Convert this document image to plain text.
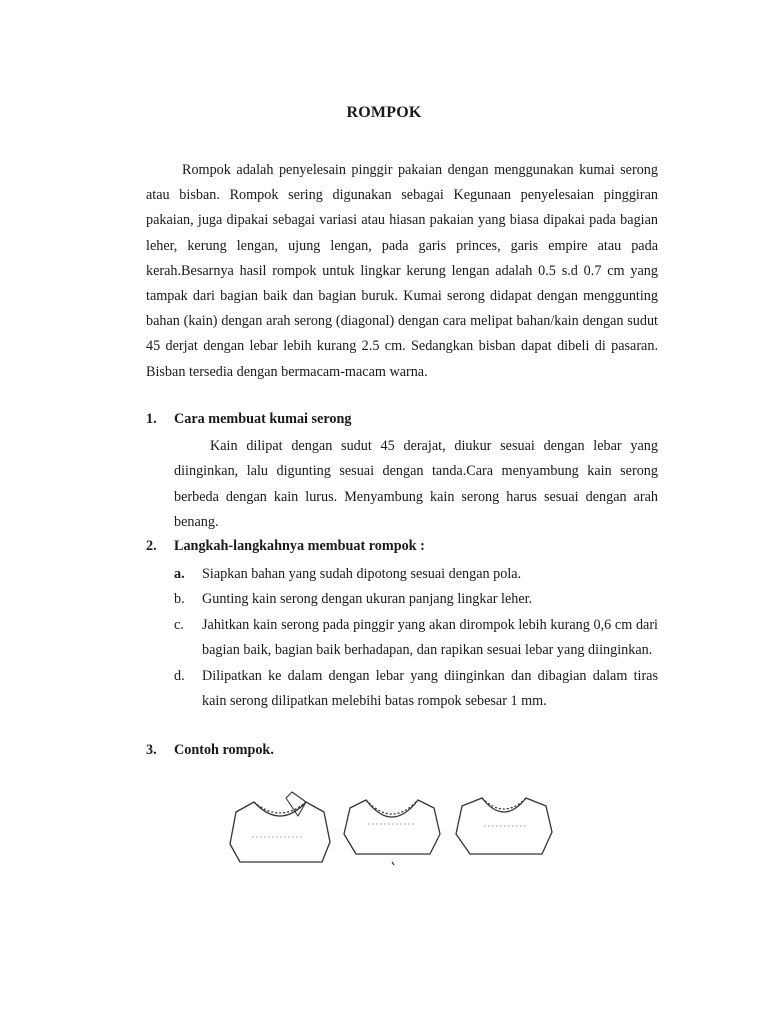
ROMPOK

Rompok adalah penyelesain pinggir pakaian dengan menggunakan kumai serong atau bisban. Rompok sering digunakan sebagai Kegunaan penyelesaian pinggiran pakaian, juga dipakai sebagai variasi atau hiasan pakaian yang biasa dipakai pada bagian leher, kerung lengan, ujung lengan, pada garis princes, garis empire atau pada kerah.Besarnya hasil rompok untuk lingkar kerung lengan adalah 0.5 s.d 0.7 cm yang tampak dari bagian baik dan bagian buruk. Kumai serong didapat dengan menggunting bahan (kain) dengan arah serong (diagonal) dengan cara melipat bahan/kain dengan sudut 45 derjat dengan lebar lebih kurang 2.5 cm. Sedangkan bisban dapat dibeli di pasaran. Bisban tersedia dengan bermacam-macam warna.

1. Cara membuat kumai serong

Kain dilipat dengan sudut 45 derajat, diukur sesuai dengan lebar yang diinginkan, lalu digunting sesuai dengan tanda.Cara menyambung kain serong berbeda dengan kain lurus. Menyambung kain serong harus sesuai dengan arah benang.

2. Langkah-langkahnya membuat rompok :
a. Siapkan bahan yang sudah dipotong sesuai dengan pola.
b. Gunting kain serong dengan ukuran panjang lingkar leher.
c. Jahitkan kain serong pada pinggir yang akan dirompok lebih kurang 0,6 cm dari bagian baik, bagian baik berhadapan, dan rapikan sesuai lebar yang diinginkan.
d. Dilipatkan ke dalam dengan lebar yang diinginkan dan dibagian dalam tiras kain serong dilipatkan melebihi batas rompok sebesar 1 mm.
3. Contoh rompok.
